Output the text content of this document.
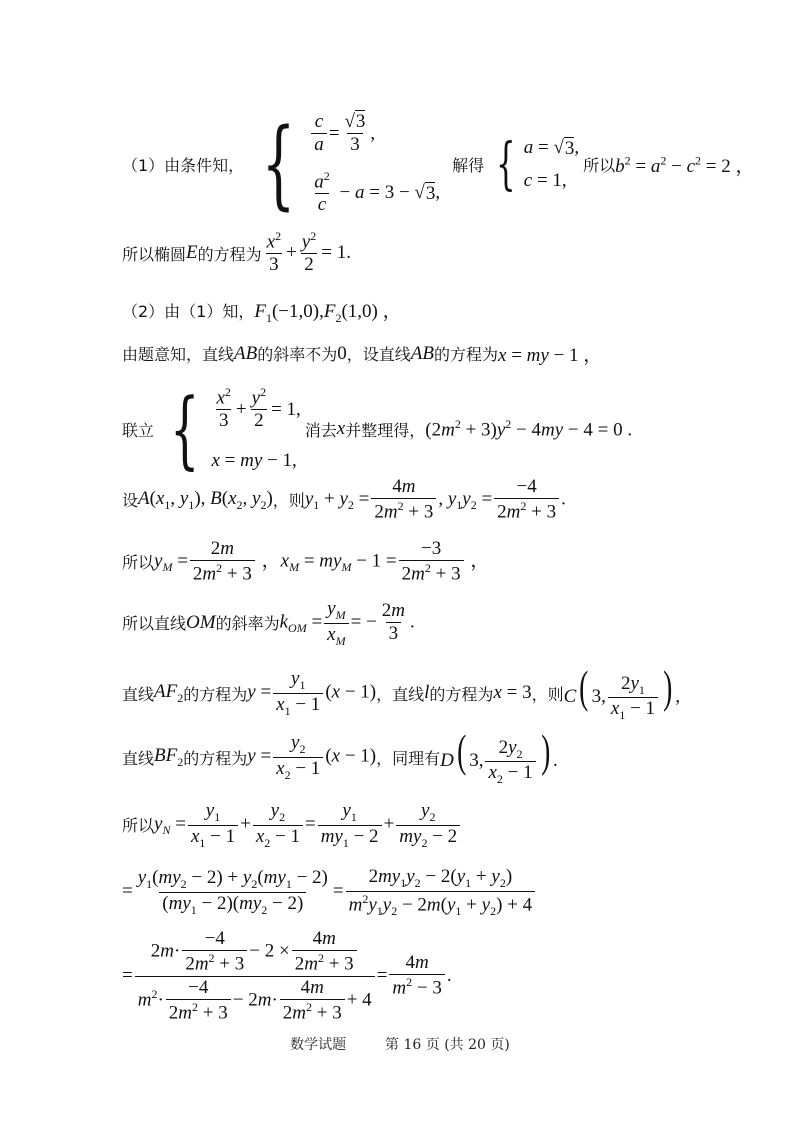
（1）由条件知， { $\frac{c}{a} = \frac{√3}{3}$ ,
$\frac{a^2}{c} - a = 3$ − √ 3 ,
解得 { a = √ 3 ,
c = 1,
所以 $b^2 = a^2 - c^2 = 2$ ，
所以椭圆 E 的方程为 $\frac{x^2}{3} + \frac{y^2}{2} = 1$.
（2）由（1）知， $F_1(-1,0),F_2(1,0)$ ，
由题意知，直线 AB 的斜率不为 0 ，设直线 AB 的方程为 x = my − 1 ，
联立 { $\frac{x^2}{3} + \frac{y^2}{2} = 1$,
x = my − 1,
消去 x 并整理得， $(2m^2 + 3)y^2 - 4my - 4 = 0$ .
设 $A(x_1$, $y_1$), $B(x_2$, $y_2$) ，则 $y_1 + y_2 = \frac{4m}{2m^2 + 3}$ , $y_1y_2 = \frac{-4}{2m^2 + 3}$ .
所以 $y_M = \frac{2m}{2m^2 + 3}$ ，$x_M = my_M - 1 = \frac{-3}{2m^2 + 3}$ ，
所以直线 OM 的斜率为 $k_{OM} = \frac{y_M}{x_M}$ = − $\frac{2m}{3}$ .
直线 $AF_2$ 的方程为 $y = \frac{y_1}{x_1 - 1} (x - 1)$ ，直线 l 的方程为 x = 3 ，则 C( 3, $\frac{2y_1}{x_1 - 1}$ ) ,
直线 $BF_2$ 的方程为 $y = \frac{y_2}{x_2 - 1} (x - 1)$ ，同理有 D( 3, $\frac{2y_2}{x_2 - 1}$ ) .
所以 $y_N = \frac{y_1}{x_1 - 1} + \frac{y_2}{x_2 - 1} = \frac{y_1}{my_1 - 2} + \frac{y_2}{my_2 - 2}$
= $\frac{y_1(my_2 - 2) + y_2(my_1 - 2)}{(my_1 - 2)(my_2 - 2)} = \frac{2my_1y_2 - 2(y_1 + y_2)}{m^2y_1y_2 - 2m(y_1 + y_2) + 4}$
= $\frac{2m\cdot \frac{-4}{2m^2 + 3} - 2 \times \frac{4m}{2m^2 + 3}}{m^2\cdot \frac{-4}{2m^2 + 3} - 2m\cdot \frac{4m}{2m^2 + 3} + 4} = \frac{4m}{m^2 - 3}$ .
数学试题	第 16 页 (共 20 页)
